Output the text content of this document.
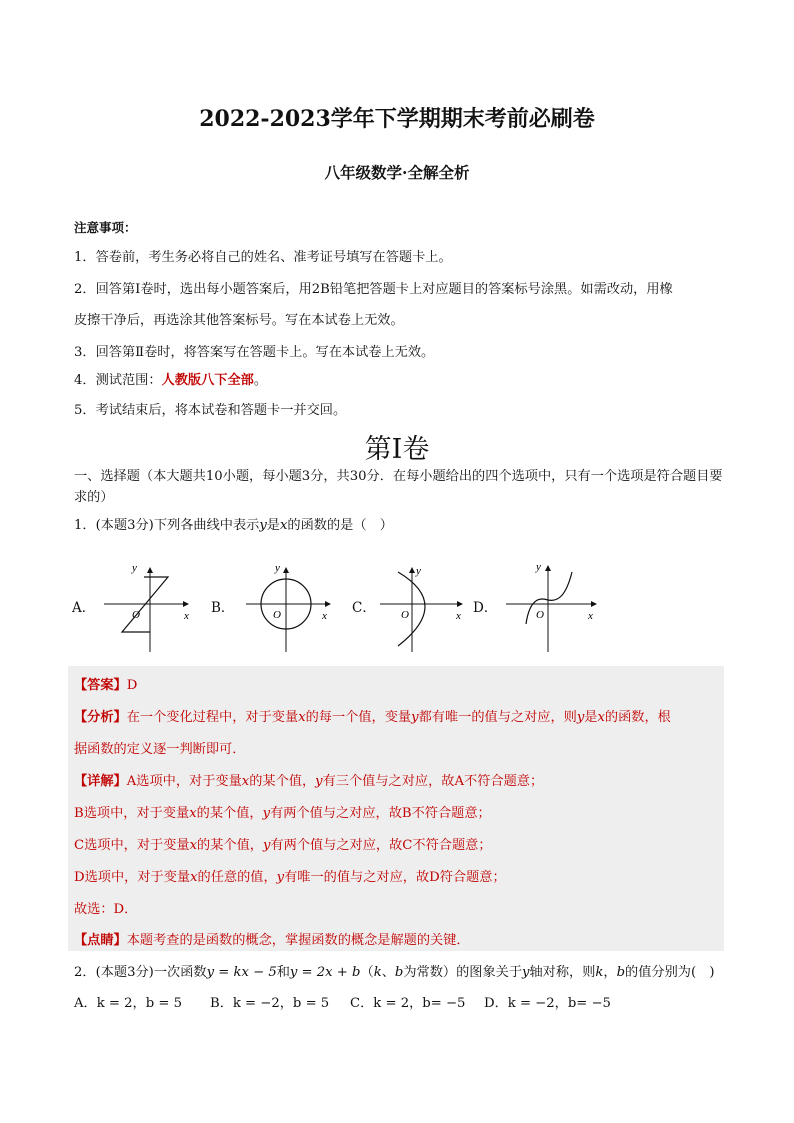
2022-2023学年下学期期末考前必刷卷
八年级数学·全解全析
注意事项：
1．答卷前，考生务必将自己的姓名、准考证号填写在答题卡上。
2．回答第Ⅰ卷时，选出每小题答案后，用2B铅笔把答题卡上对应题目的答案标号涂黑。如需改动，用橡
皮擦干净后，再选涂其他答案标号。写在本试卷上无效。
3．回答第Ⅱ卷时，将答案写在答题卡上。写在本试卷上无效。
4．测试范围：人教版八下全部。
5．考试结束后，将本试卷和答题卡一并交回。
第Ⅰ卷
一、选择题（本大题共10小题，每小题3分，共30分．在每小题给出的四个选项中，只有一个选项是符合题目要求的）
1．(本题3分)下列各曲线中表示y是x的函数的是（　）
A．	B．	C．	D．
y
x
O
y
x
O
y
x
O
y
x
O
【答案】D
【分析】在一个变化过程中，对于变量x的每一个值，变量y都有唯一的值与之对应，则y是x的函数，根
据函数的定义逐一判断即可．
【详解】A选项中，对于变量x的某个值，y有三个值与之对应，故A不符合题意；
B选项中，对于变量x的某个值，y有两个值与之对应，故B不符合题意；
C选项中，对于变量x的某个值，y有两个值与之对应，故C不符合题意；
D选项中，对于变量x的任意的值，y有唯一的值与之对应，故D符合题意；
故选：D．
【点睛】本题考查的是函数的概念，掌握函数的概念是解题的关键．
2．(本题3分)一次函数y = kx − 5和y = 2x + b（k、b为常数）的图象关于y轴对称，则k，b的值分别为(　)
A．k = 2，b = 5 B．k = −2，b = 5 C．k = 2，b= −5 D．k = −2，b= −5
